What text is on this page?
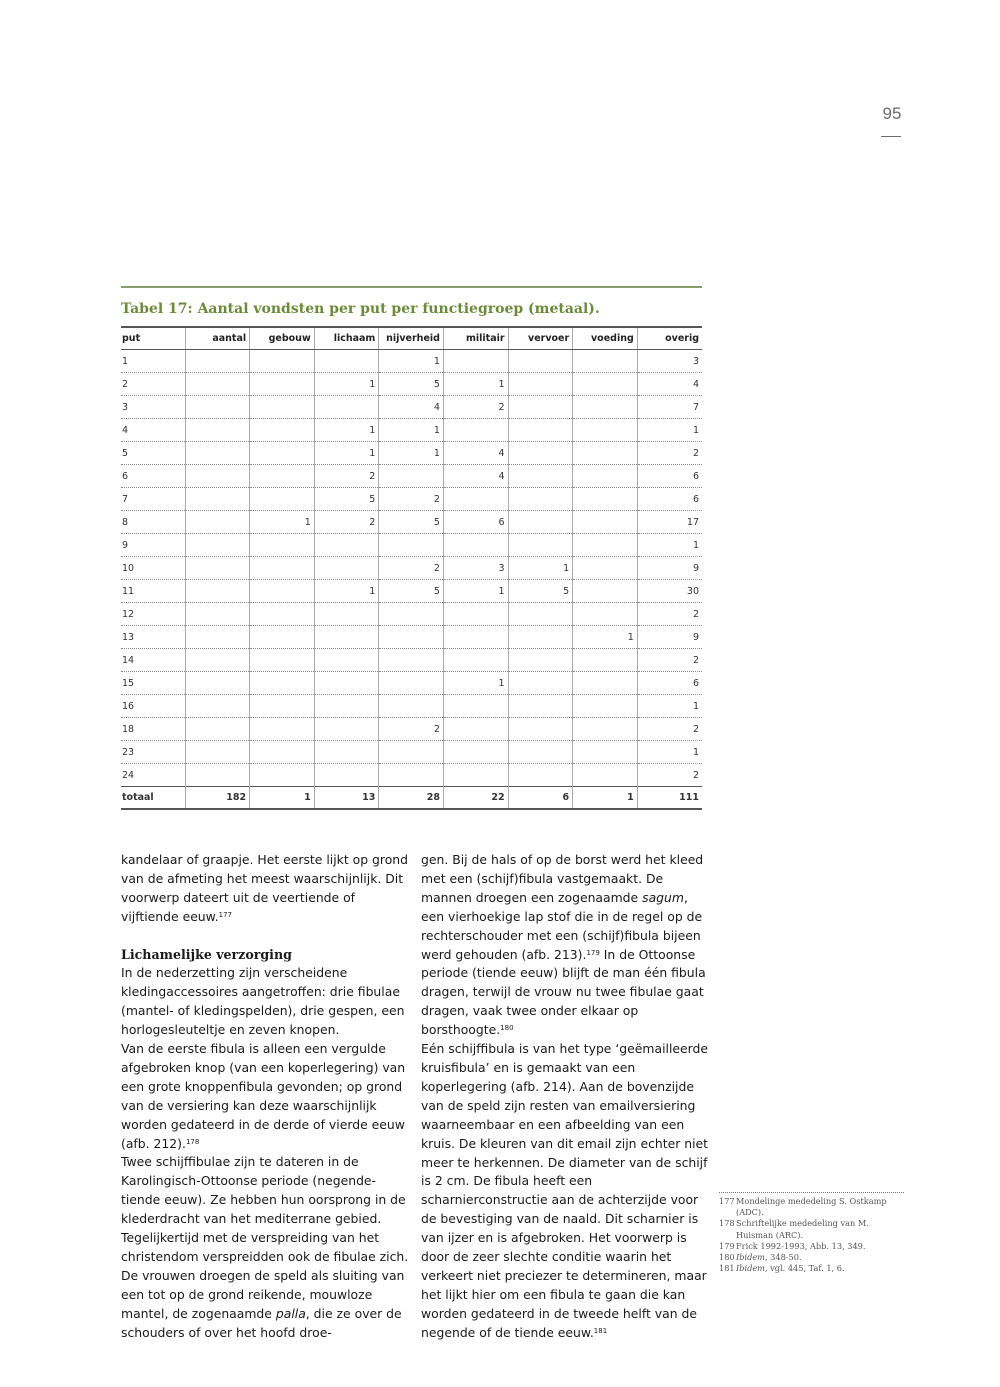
95
Tabel 17: Aantal vondsten per put per functiegroep (metaal).
put	aantal	gebouw	lichaam	nijverheid	militair	vervoer	voeding	overig
1				1				3
2			1	5	1			4
3				4	2			7
4			1	1				1
5			1	1	4			2
6			2		4			6
7			5	2				6
8		1	2	5	6			17
9								1
10				2	3	1		9
11			1	5	1	5		30
12								2
13							1	9
14								2
15					1			6
16								1
18				2				2
23								1
24								2
totaal	182	1	13	28	22	6	1	111

kandelaar of graapje. Het eerste lijkt op grond van de afmeting het meest waarschijnlijk. Dit voorwerp dateert uit de veertiende of vijftiende eeuw.$^{177}$

Lichamelijke verzorging

In de nederzetting zijn verscheidene kledingaccessoires aangetroffen: drie fibulae (mantel- of kledingspelden), drie gespen, een horlogesleuteltje en zeven knopen.

Van de eerste fibula is alleen een vergulde afgebroken knop (van een koperlegering) van een grote knoppenfibula gevonden; op grond van de versiering kan deze waarschijnlijk worden gedateerd in de derde of vierde eeuw (afb. 212).$^{178}$

Twee schijffibulae zijn te dateren in de Karolingisch-Ottoonse periode (negende-tiende eeuw). Ze hebben hun oorsprong in de klederdracht van het mediterrane gebied. Tegelijkertijd met de verspreiding van het christendom verspreidden ook de fibulae zich. De vrouwen droegen de speld als sluiting van een tot op de grond reikende, mouwloze mantel, de zogenaamde palla, die ze over de schouders of over het hoofd droe-

gen. Bij de hals of op de borst werd het kleed met een (schijf)fibula vastgemaakt. De mannen droegen een zogenaamde sagum, een vierhoekige lap stof die in de regel op de rechterschouder met een (schijf)fibula bijeen werd gehouden (afb. 213).$^{179}$ In de Ottoonse periode (tiende eeuw) blijft de man één fibula dragen, terwijl de vrouw nu twee fibulae gaat dragen, vaak twee onder elkaar op borsthoogte.$^{180}$

Eén schijffibula is van het type ‘geëmailleerde kruisfibula’ en is gemaakt van een koperlegering (afb. 214). Aan de bovenzijde van de speld zijn resten van emailversiering waarneembaar en een afbeelding van een kruis. De kleuren van dit email zijn echter niet meer te herkennen. De diameter van de schijf is 2 cm. De fibula heeft een scharnierconstructie aan de achterzijde voor de bevestiging van de naald. Dit scharnier is van ijzer en is afgebroken. Het voorwerp is door de zeer slechte conditie waarin het verkeert niet preciezer te determineren, maar het lijkt hier om een fibula te gaan die kan worden gedateerd in de tweede helft van de negende of de tiende eeuw.$^{181}$

177 Mondelinge mededeling S. Ostkamp (ADC).
178 Schriftelijke mededeling van M. Huisman (ARC).
179 Frick 1992-1993, Abb. 13, 349.
180 Ibidem, 348-50.
181 Ibidem, vgl. 445, Taf. 1, 6.
